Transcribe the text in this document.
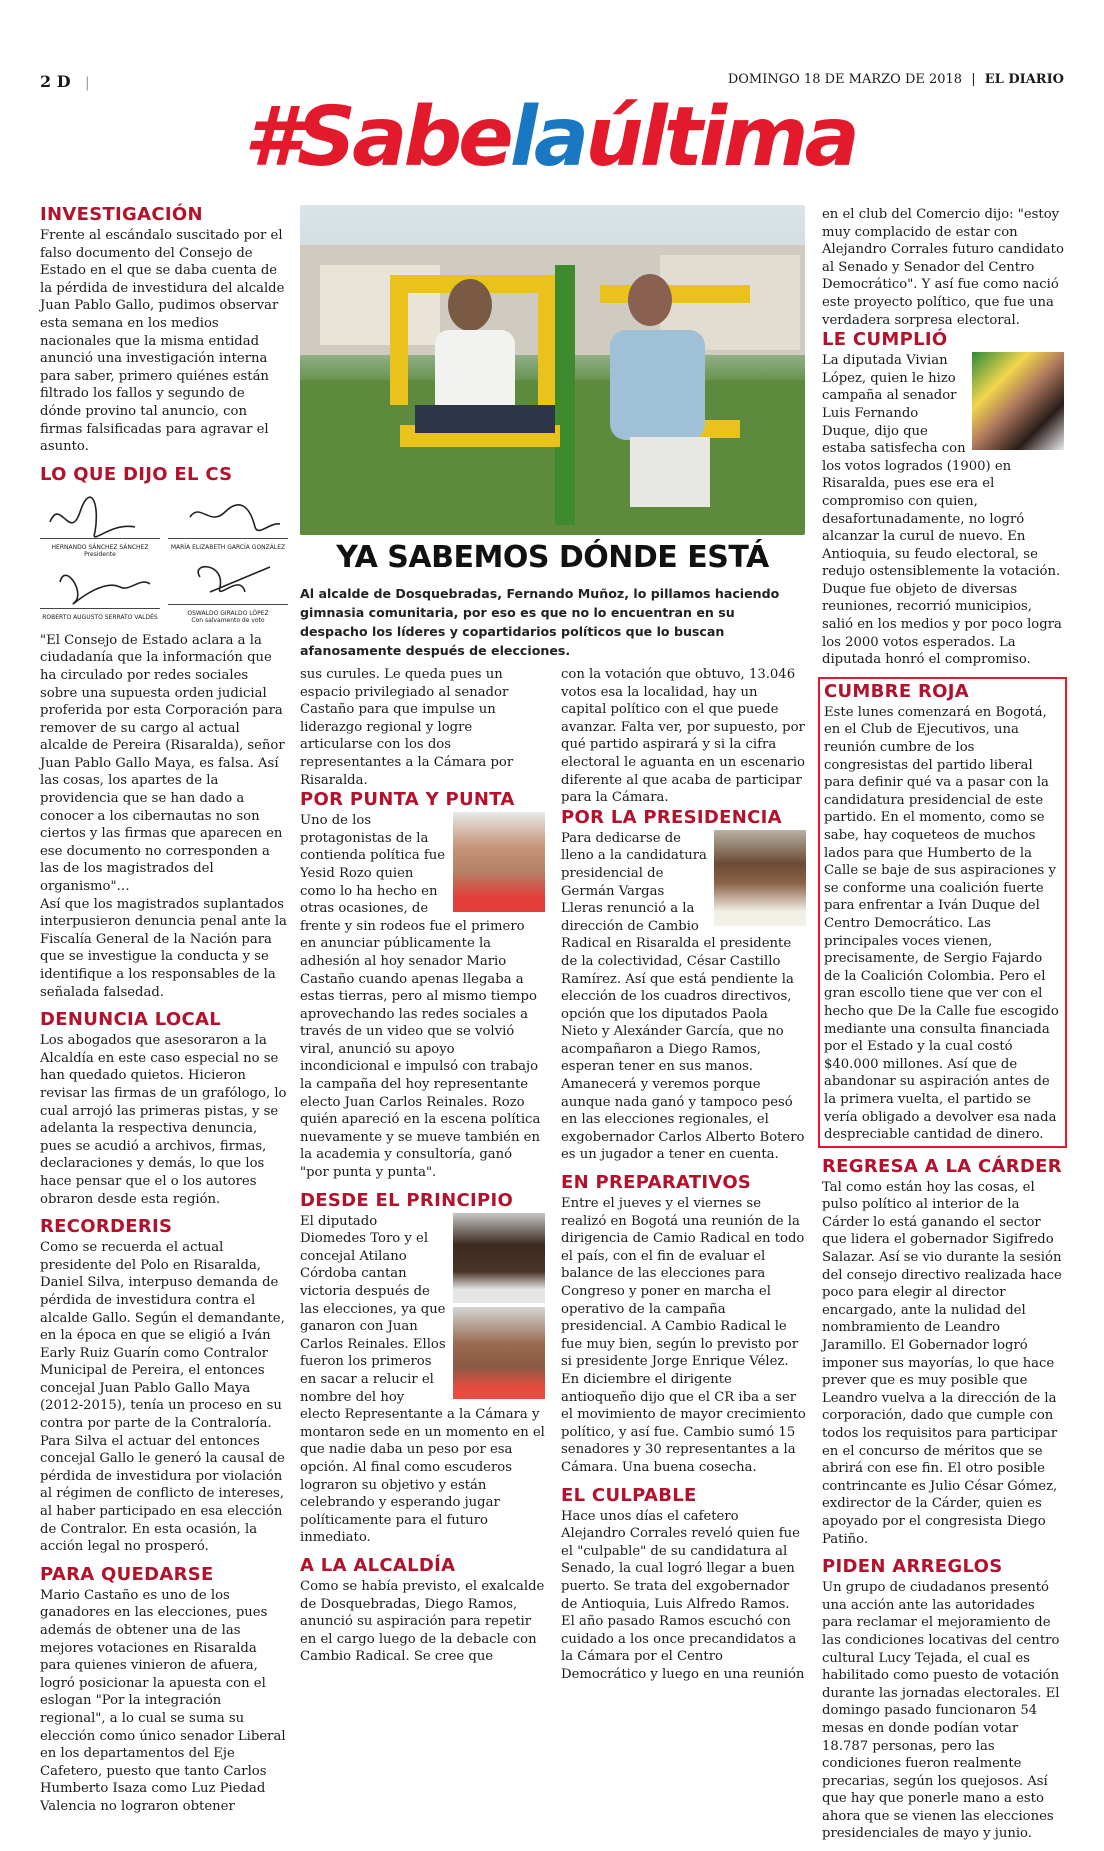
2 D |	DOMINGO 18 DE MARZO DE 2018 | EL DIARIO
#Sabelaúltima
INVESTIGACIÓN

Frente al escándalo suscitado por el falso documento del Consejo de Estado en el que se daba cuenta de la pérdida de investidura del alcalde Juan Pablo Gallo, pudimos observar esta semana en los medios nacionales que la misma entidad anunció una investigación interna para saber, primero quiénes están filtrado los fallos y segundo de dónde provino tal anuncio, con firmas falsificadas para agravar el asunto.

LO QUE DIJO EL CS
HERNANDO SÁNCHEZ SÁNCHEZ
Presidente
MARÍA ELIZABETH GARCÍA GONZÁLEZ
ROBERTO AUGUSTO SERRATO VALDÉS
OSWALDO GIRALDO LÓPEZ
Con salvamento de voto

"El Consejo de Estado aclara a la ciudadanía que la información que ha circulado por redes sociales sobre una supuesta orden judicial proferida por esta Corporación para remover de su cargo al actual alcalde de Pereira (Risaralda), señor Juan Pablo Gallo Maya, es falsa. Así las cosas, los apartes de la providencia que se han dado a conocer a los cibernautas no son ciertos y las firmas que aparecen en ese documento no corresponden a las de los magistrados del organismo"…

Así que los magistrados suplantados interpusieron denuncia penal ante la Fiscalía General de la Nación para que se investigue la conducta y se identifique a los responsables de la señalada falsedad.

DENUNCIA LOCAL

Los abogados que asesoraron a la Alcaldía en este caso especial no se han quedado quietos. Hicieron revisar las firmas de un grafólogo, lo cual arrojó las primeras pistas, y se adelanta la respectiva denuncia, pues se acudió a archivos, firmas, declaraciones y demás, lo que los hace pensar que el o los autores obraron desde esta región.

RECORDERIS

Como se recuerda el actual presidente del Polo en Risaralda, Daniel Silva, interpuso demanda de pérdida de investidura contra el alcalde Gallo. Según el demandante, en la época en que se eligió a Iván Early Ruiz Guarín como Contralor Municipal de Pereira, el entonces concejal Juan Pablo Gallo Maya (2012-2015), tenía un proceso en su contra por parte de la Contraloría. Para Silva el actuar del entonces concejal Gallo le generó la causal de pérdida de investidura por violación al régimen de conflicto de intereses, al haber participado en esa elección de Contralor. En esta ocasión, la acción legal no prosperó.

PARA QUEDARSE

Mario Castaño es uno de los ganadores en las elecciones, pues además de obtener una de las mejores votaciones en Risaralda para quienes vinieron de afuera, logró posicionar la apuesta con el eslogan "Por la integración regional", a lo cual se suma su elección como único senador Liberal en los departamentos del Eje Cafetero, puesto que tanto Carlos Humberto Isaza como Luz Piedad Valencia no lograron obtener

YA SABEMOS DÓNDE ESTÁ
Al alcalde de Dosquebradas, Fernando Muñoz, lo pillamos haciendo gimnasia comunitaria, por eso es que no lo encuentran en su despacho los líderes y copartidarios políticos que lo buscan afanosamente después de elecciones.

sus curules. Le queda pues un espacio privilegiado al senador Castaño para que impulse un liderazgo regional y logre articularse con los dos representantes a la Cámara por Risaralda.

POR PUNTA Y PUNTA

Uno de los protagonistas de la contienda política fue Yesid Rozo quien como lo ha hecho en otras ocasiones, de frente y sin rodeos fue el primero en anunciar públicamente la adhesión al hoy senador Mario Castaño cuando apenas llegaba a estas tierras, pero al mismo tiempo aprovechando las redes sociales a través de un video que se volvió viral, anunció su apoyo incondicional e impulsó con trabajo la campaña del hoy representante electo Juan Carlos Reinales. Rozo quién apareció en la escena política nuevamente y se mueve también en la academia y consultoría, ganó "por punta y punta".

DESDE EL PRINCIPIO

El diputado Diomedes Toro y el concejal Atilano Córdoba cantan victoria después de las elecciones, ya que ganaron con Juan Carlos Reinales. Ellos fueron los primeros en sacar a relucir el nombre del hoy electo Representante a la Cámara y montaron sede en un momento en el que nadie daba un peso por esa opción. Al final como escuderos lograron su objetivo y están celebrando y esperando jugar políticamente para el futuro inmediato.

A LA ALCALDÍA

Como se había previsto, el exalcalde de Dosquebradas, Diego Ramos, anunció su aspiración para repetir en el cargo luego de la debacle con Cambio Radical. Se cree que

con la votación que obtuvo, 13.046 votos esa la localidad, hay un capital político con el que puede avanzar. Falta ver, por supuesto, por qué partido aspirará y si la cifra electoral le aguanta en un escenario diferente al que acaba de participar para la Cámara.

POR LA PRESIDENCIA

Para dedicarse de lleno a la candidatura presidencial de Germán Vargas Lleras renunció a la dirección de Cambio Radical en Risaralda el presidente de la colectividad, César Castillo Ramírez. Así que está pendiente la elección de los cuadros directivos, opción que los diputados Paola Nieto y Alexánder García, que no acompañaron a Diego Ramos, esperan tener en sus manos. Amanecerá y veremos porque aunque nada ganó y tampoco pesó en las elecciones regionales, el exgobernador Carlos Alberto Botero es un jugador a tener en cuenta.

EN PREPARATIVOS

Entre el jueves y el viernes se realizó en Bogotá una reunión de la dirigencia de Camio Radical en todo el país, con el fin de evaluar el balance de las elecciones para Congreso y poner en marcha el operativo de la campaña presidencial. A Cambio Radical le fue muy bien, según lo previsto por si presidente Jorge Enrique Vélez. En diciembre el dirigente antioqueño dijo que el CR iba a ser el movimiento de mayor crecimiento político, y así fue. Cambio sumó 15 senadores y 30 representantes a la Cámara. Una buena cosecha.

EL CULPABLE

Hace unos días el cafetero Alejandro Corrales reveló quien fue el "culpable" de su candidatura al Senado, la cual logró llegar a buen puerto. Se trata del exgobernador de Antioquia, Luis Alfredo Ramos. El año pasado Ramos escuchó con cuidado a los once precandidatos a la Cámara por el Centro Democrático y luego en una reunión

en el club del Comercio dijo: "estoy muy complacido de estar con Alejandro Corrales futuro candidato al Senado y Senador del Centro Democrático". Y así fue como nació este proyecto político, que fue una verdadera sorpresa electoral.

LE CUMPLIÓ

La diputada Vivian López, quien le hizo campaña al senador Luis Fernando Duque, dijo que estaba satisfecha con los votos logrados (1900) en Risaralda, pues ese era el compromiso con quien, desafortunadamente, no logró alcanzar la curul de nuevo. En Antioquia, su feudo electoral, se redujo ostensiblemente la votación. Duque fue objeto de diversas reuniones, recorrió municipios, salió en los medios y por poco logra los 2000 votos esperados. La diputada honró el compromiso.

CUMBRE ROJA

Este lunes comenzará en Bogotá, en el Club de Ejecutivos, una reunión cumbre de los congresistas del partido liberal para definir qué va a pasar con la candidatura presidencial de este partido. En el momento, como se sabe, hay coqueteos de muchos lados para que Humberto de la Calle se baje de sus aspiraciones y se conforme una coalición fuerte para enfrentar a Iván Duque del Centro Democrático. Las principales voces vienen, precisamente, de Sergio Fajardo de la Coalición Colombia. Pero el gran escollo tiene que ver con el hecho que De la Calle fue escogido mediante una consulta financiada por el Estado y la cual costó $40.000 millones. Así que de abandonar su aspiración antes de la primera vuelta, el partido se vería obligado a devolver esa nada despreciable cantidad de dinero.

REGRESA A LA CÁRDER

Tal como están hoy las cosas, el pulso político al interior de la Cárder lo está ganando el sector que lidera el gobernador Sigifredo Salazar. Así se vio durante la sesión del consejo directivo realizada hace poco para elegir al director encargado, ante la nulidad del nombramiento de Leandro Jaramillo. El Gobernador logró imponer sus mayorías, lo que hace prever que es muy posible que Leandro vuelva a la dirección de la corporación, dado que cumple con todos los requisitos para participar en el concurso de méritos que se abrirá con ese fin. El otro posible contrincante es Julio César Gómez, exdirector de la Cárder, quien es apoyado por el congresista Diego Patiño.

PIDEN ARREGLOS

Un grupo de ciudadanos presentó una acción ante las autoridades para reclamar el mejoramiento de las condiciones locativas del centro cultural Lucy Tejada, el cual es habilitado como puesto de votación durante las jornadas electorales. El domingo pasado funcionaron 54 mesas en donde podían votar 18.787 personas, pero las condiciones fueron realmente precarias, según los quejosos. Así que hay que ponerle mano a esto ahora que se vienen las elecciones presidenciales de mayo y junio.
